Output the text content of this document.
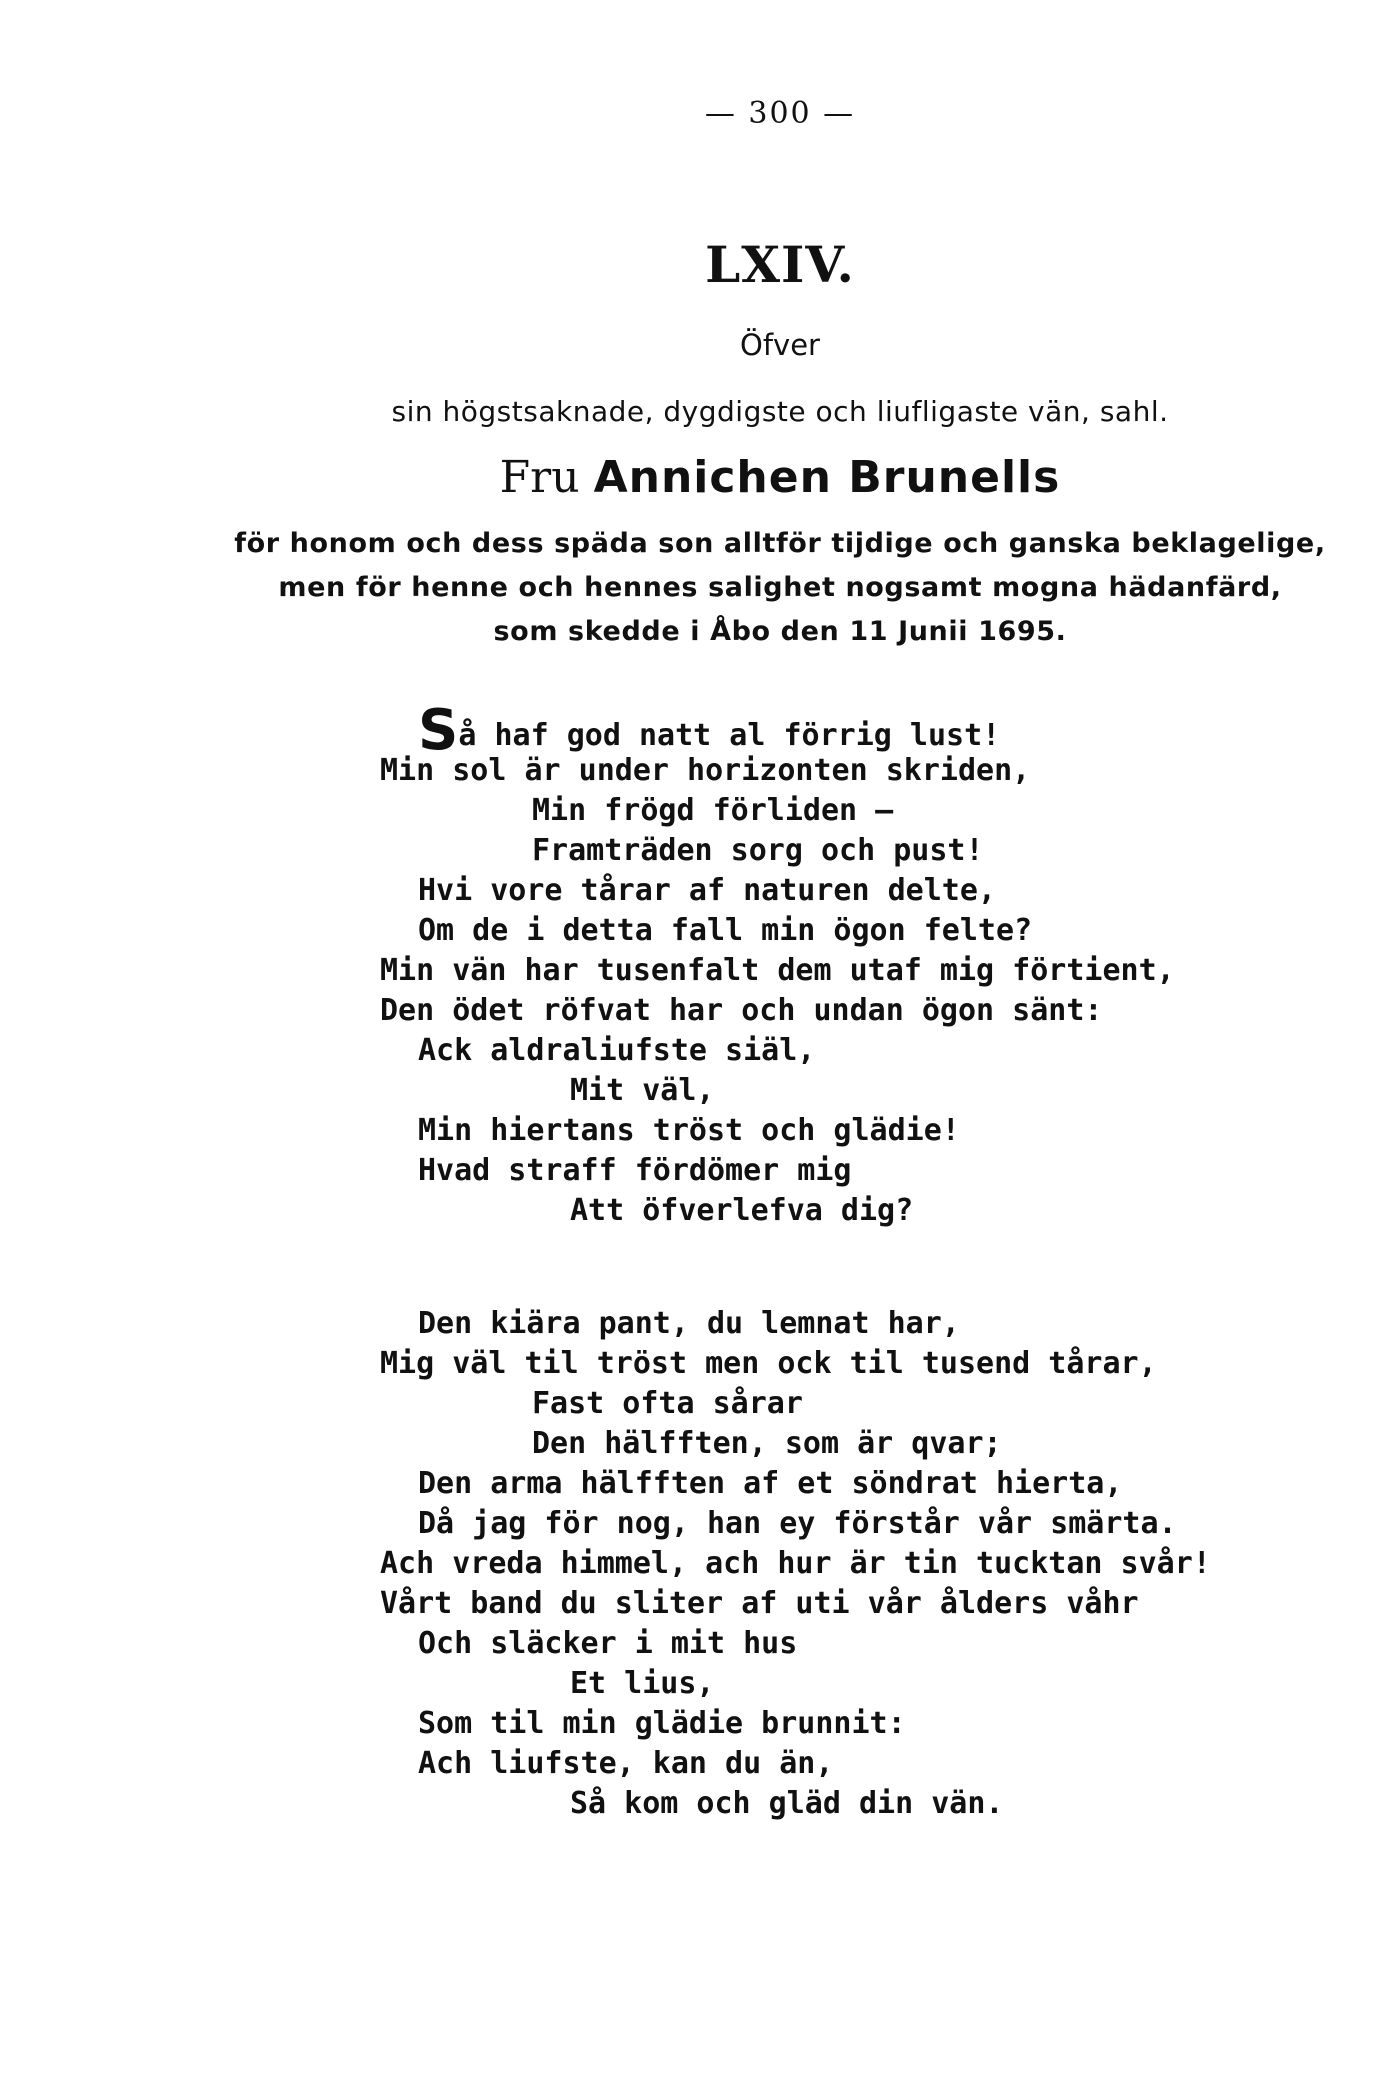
— 300 —
LXIV.
Öfver
sin högstsaknade, dygdigste och liufligaste vän, sahl.
Fru Annichen Brunells
för honom och dess späda son alltför tijdige och ganska beklagelige,
men för henne och hennes salighet nogsamt mogna hädanfärd,
som skedde i Åbo den 11 Junii 1695.
Så haf god natt al förrig lust!
Min sol är under horizonten skriden,
Min frögd förliden —
Framträden sorg och pust!
Hvi vore tårar af naturen delte,
Om de i detta fall min ögon felte?
Min vän har tusenfalt dem utaf mig förtient,
Den ödet röfvat har och undan ögon sänt:
Ack aldraliufste siäl,
Mit väl,
Min hiertans tröst och glädie!
Hvad straff fördömer mig
Att öfverlefva dig?
Den kiära pant, du lemnat har,
Mig väl til tröst men ock til tusend tårar,
Fast ofta sårar
Den hälfften, som är qvar;
Den arma hälfften af et söndrat hierta,
Då jag för nog, han ey förstår vår smärta.
Ach vreda himmel, ach hur är tin tucktan svår!
Vårt band du sliter af uti vår ålders våhr
Och släcker i mit hus
Et lius,
Som til min glädie brunnit:
Ach liufste, kan du än,
Så kom och gläd din vän.
